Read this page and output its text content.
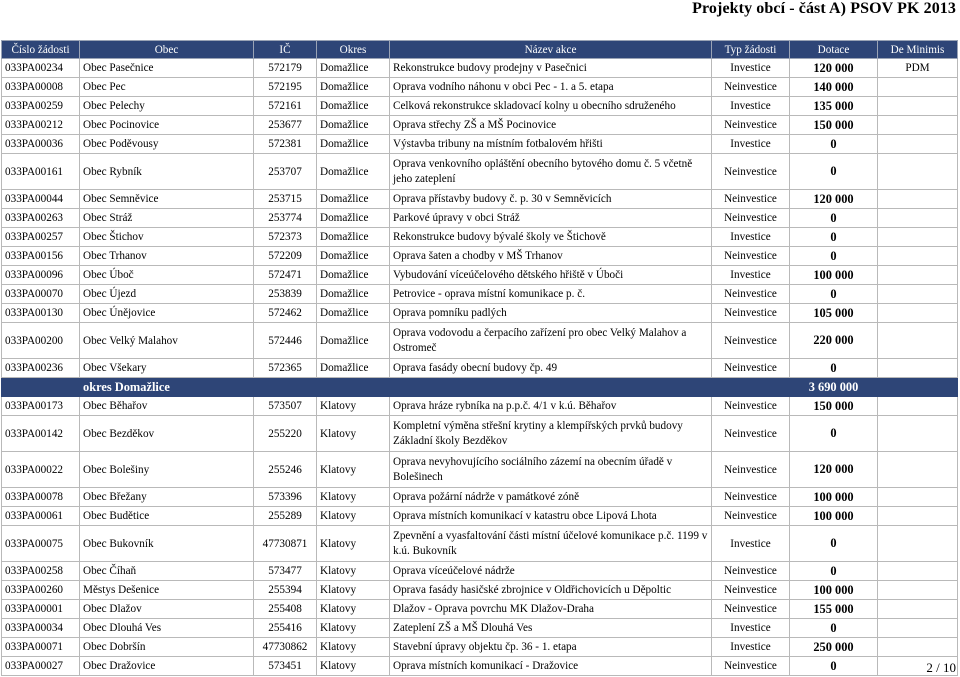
Projekty obcí - část A) PSOV PK 2013
Číslo žádosti	Obec	IČ	Okres	Název akce	Typ žádosti	Dotace	De Minimis
033PA00234	Obec Pasečnice	572179	Domažlice	Rekonstrukce budovy prodejny v Pasečnici	Investice	120 000	PDM
033PA00008	Obec Pec	572195	Domažlice	Oprava vodního náhonu v obci Pec - 1. a 5. etapa	Neinvestice	140 000	
033PA00259	Obec Pelechy	572161	Domažlice	Celková rekonstrukce skladovací kolny u obecního sdruženého	Investice	135 000	
033PA00212	Obec Pocinovice	253677	Domažlice	Oprava střechy ZŠ a MŠ Pocinovice	Neinvestice	150 000	
033PA00036	Obec Poděvousy	572381	Domažlice	Výstavba tribuny na místním fotbalovém hřišti	Investice	0	
033PA00161	Obec Rybník	253707	Domažlice	Oprava venkovního opláštění obecního bytového domu č. 5 včetně jeho zateplení	Neinvestice	0	
033PA00044	Obec Semněvice	253715	Domažlice	Oprava přístavby budovy č. p. 30 v Semněvicích	Neinvestice	120 000	
033PA00263	Obec Stráž	253774	Domažlice	Parkové úpravy v obci Stráž	Neinvestice	0	
033PA00257	Obec Štichov	572373	Domažlice	Rekonstrukce budovy bývalé školy ve Štichově	Investice	0	
033PA00156	Obec Trhanov	572209	Domažlice	Oprava šaten a chodby v MŠ Trhanov	Neinvestice	0	
033PA00096	Obec Úboč	572471	Domažlice	Vybudování víceúčelového dětského hřiště v Úboči	Investice	100 000	
033PA00070	Obec Újezd	253839	Domažlice	Petrovice - oprava místní komunikace p. č.	Neinvestice	0	
033PA00130	Obec Únějovice	572462	Domažlice	Oprava pomníku padlých	Neinvestice	105 000	
033PA00200	Obec Velký Malahov	572446	Domažlice	Oprava vodovodu a čerpacího zařízení pro obec Velký Malahov a Ostromeč	Neinvestice	220 000	
033PA00236	Obec Všekary	572365	Domažlice	Oprava fasády obecní budovy čp. 49	Neinvestice	0	
	okres Domažlice					3 690 000	
033PA00173	Obec Běhařov	573507	Klatovy	Oprava hráze rybníka na p.p.č. 4/1 v k.ú. Běhařov	Neinvestice	150 000	
033PA00142	Obec Bezděkov	255220	Klatovy	Kompletní výměna střešní krytiny a klempířských prvků budovy Základní školy Bezděkov	Neinvestice	0	
033PA00022	Obec Bolešiny	255246	Klatovy	Oprava nevyhovujícího sociálního zázemí na obecním úřadě v Bolešinech	Neinvestice	120 000	
033PA00078	Obec Břežany	573396	Klatovy	Oprava požární nádrže v památkové zóně	Neinvestice	100 000	
033PA00061	Obec Budětice	255289	Klatovy	Oprava místních komunikací v katastru obce Lipová Lhota	Neinvestice	100 000	
033PA00075	Obec Bukovník	47730871	Klatovy	Zpevnění a vyasfaltování části místní účelové komunikace p.č. 1199 v k.ú. Bukovník	Investice	0	
033PA00258	Obec Číhaň	573477	Klatovy	Oprava víceúčelové nádrže	Neinvestice	0	
033PA00260	Městys Dešenice	255394	Klatovy	Oprava fasády hasičské zbrojnice v Oldřichovicích u Děpoltic	Neinvestice	100 000	
033PA00001	Obec Dlažov	255408	Klatovy	Dlažov - Oprava povrchu MK Dlažov-Draha	Neinvestice	155 000	
033PA00034	Obec Dlouhá Ves	255416	Klatovy	Zateplení ZŠ a MŠ Dlouhá Ves	Investice	0	
033PA00071	Obec Dobršín	47730862	Klatovy	Stavební úpravy objektu čp. 36 - 1. etapa	Investice	250 000	
033PA00027	Obec Dražovice	573451	Klatovy	Oprava místních komunikací - Dražovice	Neinvestice	0		2 / 10
